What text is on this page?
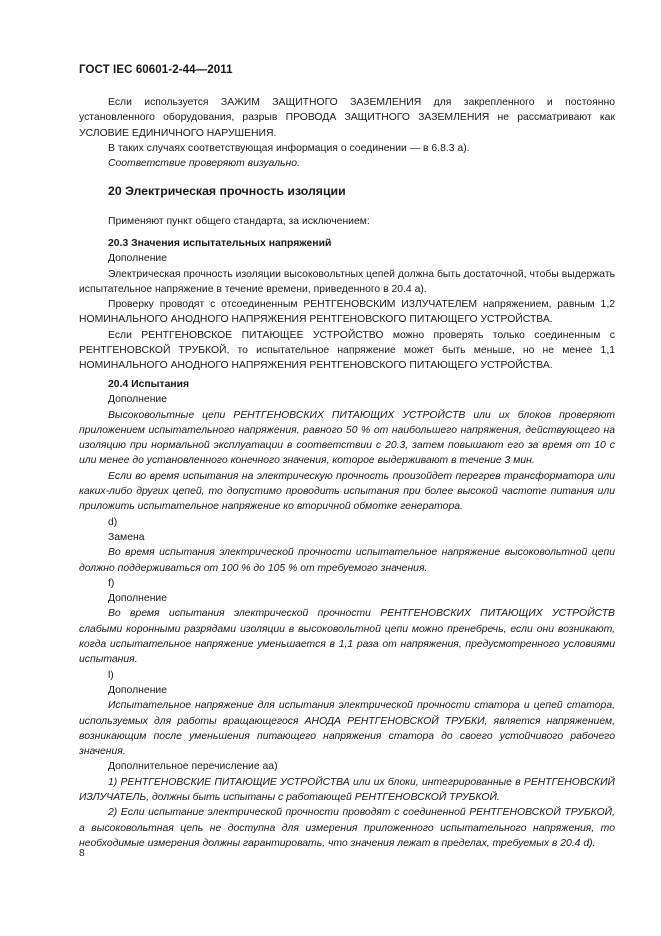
ГОСТ IEC 60601-2-44—2011

Если используется ЗАЖИМ ЗАЩИТНОГО ЗАЗЕМЛЕНИЯ для закрепленного и постоянно установленного оборудования, разрыв ПРОВОДА ЗАЩИТНОГО ЗАЗЕМЛЕНИЯ не рассматривают как УСЛОВИЕ ЕДИНИЧНОГО НАРУШЕНИЯ.

В таких случаях соответствующая информация о соединении — в 6.8.3 а).

Соответствие проверяют визуально.

20 Электрическая прочность изоляции

Применяют пункт общего стандарта, за исключением:

20.3 Значения испытательных напряжений

Дополнение

Электрическая прочность изоляции высоковольтных цепей должна быть достаточной, чтобы выдержать испытательное напряжение в течение времени, приведенного в 20.4 а).

Проверку проводят с отсоединенным РЕНТГЕНОВСКИМ ИЗЛУЧАТЕЛЕМ напряжением, равным 1,2 НОМИНАЛЬНОГО АНОДНОГО НАПРЯЖЕНИЯ РЕНТГЕНОВСКОГО ПИТАЮЩЕГО УСТРОЙСТВА.

Если РЕНТГЕНОВСКОЕ ПИТАЮЩЕЕ УСТРОЙСТВО можно проверять только соединенным с РЕНТГЕНОВСКОЙ ТРУБКОЙ, то испытательное напряжение может быть меньше, но не менее 1,1 НОМИНАЛЬНОГО АНОДНОГО НАПРЯЖЕНИЯ РЕНТГЕНОВСКОГО ПИТАЮЩЕГО УСТРОЙСТВА.

20.4 Испытания

Дополнение

Высоковольтные цепи РЕНТГЕНОВСКИХ ПИТАЮЩИХ УСТРОЙСТВ или их блоков проверяют приложением испытательного напряжения, равного 50 % от наибольшего напряжения, действующего на изоляцию при нормальной эксплуатации в соответствии с 20.3, затем повышают его за время от 10 с или менее до установленного конечного значения, которое выдерживают в течение 3 мин.

Если во время испытания на электрическую прочность произойдет перегрев трансформатора или каких-либо других цепей, то допустимо проводить испытания при более высокой частоте питания или приложить испытательное напряжение ко вторичной обмотке генератора.

d)

Замена

Во время испытания электрической прочности испытательное напряжение высоковольтной цепи должно поддерживаться от 100 % до 105 % от требуемого значения.

f)

Дополнение

Во время испытания электрической прочности РЕНТГЕНОВСКИХ ПИТАЮЩИХ УСТРОЙСТВ слабыми коронными разрядами изоляции в высоковольтной цепи можно пренебречь, если они возникают, когда испытательное напряжение уменьшается в 1,1 раза от напряжения, предусмотренного условиями испытания.

l)

Дополнение

Испытательное напряжение для испытания электрической прочности статора и цепей статора, используемых для работы вращающегося АНОДА РЕНТГЕНОВСКОЙ ТРУБКИ, является напряжением, возникающим после уменьшения питающего напряжения статора до своего устойчивого рабочего значения.

Дополнительное перечисление аа)

1) РЕНТГЕНОВСКИЕ ПИТАЮЩИЕ УСТРОЙСТВА или их блоки, интегрированные в РЕНТГЕНОВСКИЙ ИЗЛУЧАТЕЛЬ, должны быть испытаны с работающей РЕНТГЕНОВСКОЙ ТРУБКОЙ.

2) Если испытание электрической прочности проводят с соединенной РЕНТГЕНОВСКОЙ ТРУБКОЙ, а высоковольтная цепь не доступна для измерения приложенного испытательного напряжения, то необходимые измерения должны гарантировать, что значения лежат в пределах, требуемых в 20.4 d).

8
